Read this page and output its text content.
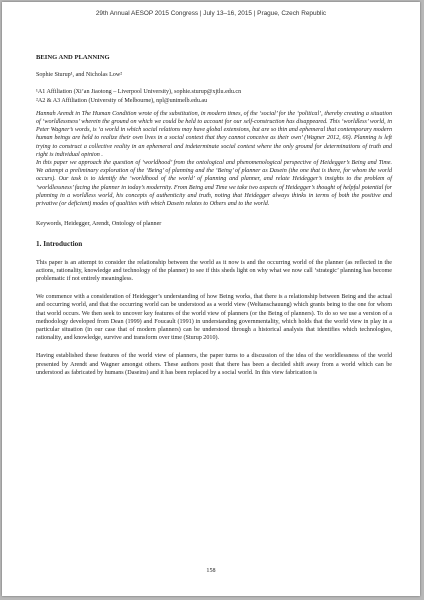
29th Annual AESOP 2015 Congress | July 13–16, 2015 | Prague, Czech Republic
BEING AND PLANNING
Sophie Sturup¹, and Nicholas Low²
¹A1 Affiliation (Xi’an Jiaotong – Liverpool University), sophie.sturup@xjtlu.edu.cn
²A2 & A3 Affiliation (University of Melbourne), npl@unimelb.edu.au

Hannah Arendt in The Human Condition wrote of the substitution, in modern times, of the ‘social’ for the ‘political’, thereby creating a situation of ‘worldlessness’ wherein the ground on which we could be held to account for our self-construction has disappeared. This ‘worldless’ world, in Peter Wagner’s words, is ‘a world in which social relations may have global extensions, but are so thin and ephemeral that contemporary modern human beings are held to realize their own lives in a social context that they cannot conceive as their own’ (Wagner 2012, 66). Planning is left trying to construct a collective reality in an ephemeral and indeterminate social context where the only ground for determinations of truth and right is individual opinion .

In this paper we approach the question of ‘worldhood’ from the ontological and phenomenological perspective of Heidegger’s Being and Time. We attempt a preliminary exploration of the ‘Being’ of planning and the ‘Being’ of planner as Dasein (the one that is there, for whom the world occurs). Our task is to identify the ‘worldhood of the world’ of planning and planner, and relate Heidegger’s insights to the problem of ‘worldlessness’ facing the planner in today’s modernity. From Being and Time we take two aspects of Heidegger’s thought of helpful potential for planning in a worldless world, his concepts of authenticity and truth, noting that Heidegger always thinks in terms of both the positive and privative (or deficient) modes of qualities with which Dasein relates to Others and to the world.

Keywords, Heidegger, Arendt, Ontology of planner
1. Introduction

This paper is an attempt to consider the relationship between the world as it now is and the occurring world of the planner (as reflected in the actions, rationality, knowledge and technology of the planner) to see if this sheds light on why what we now call ‘strategic’ planning has become problematic if not entirely meaningless.

We commence with a consideration of Heidegger’s understanding of how Being works, that there is a relationship between Being and the actual and occurring world, and that the occurring world can be understood as a world view (Weltanschauung) which grants being to the one for whom that world occurs. We then seek to uncover key features of the world view of planners (or the Being of planners). To do so we use a version of a methodology developed from Dean (1999) and Foucault (1991) in understanding governmentality, which holds that the world view in play in a particular situation (in our case that of modern planners) can be understood through a historical analysis that identifies which technologies, rationality, and knowledge, survive and transform over time (Sturup 2010).

Having established these features of the world view of planners, the paper turns to a discussion of the idea of the worldlessness of the world presented by Arendt and Wagner amongst others. These authors posit that there has been a decided shift away from a world which can be understood as fabricated by humans (Daseins) and it has been replaced by a social world. In this view fabrication is

158
